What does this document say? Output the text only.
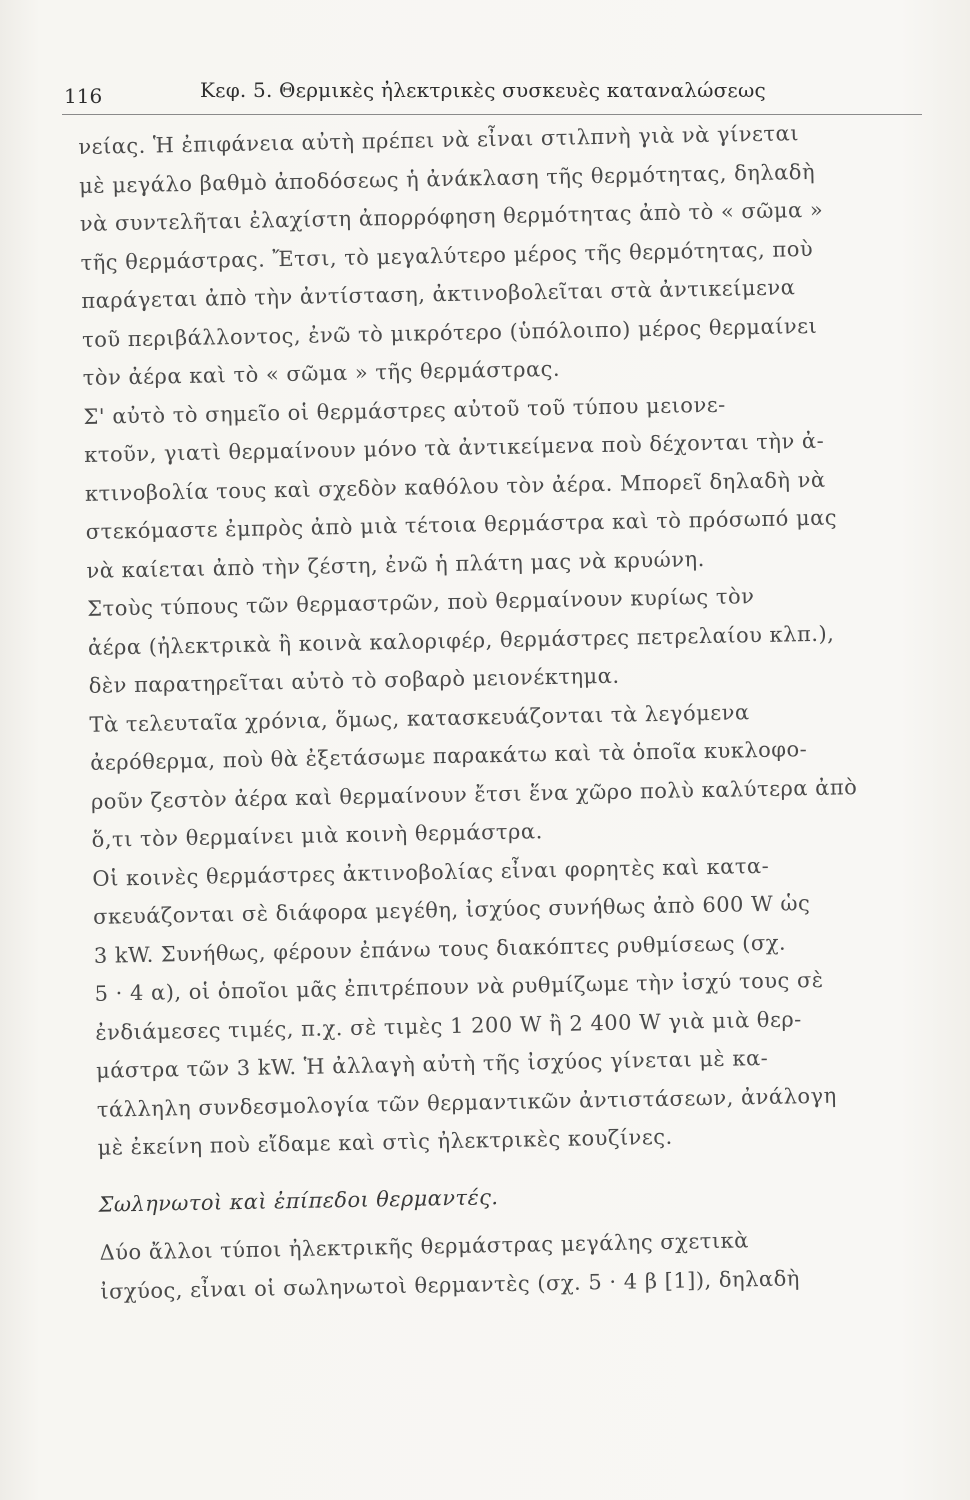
116	Κεφ. 5. Θερμικὲς ἠλεκτρικὲς συσκευὲς καταναλώσεως
νείας. Ἡ ἐπιφάνεια αὐτὴ πρέπει νὰ εἶναι στιλπνὴ γιὰ νὰ γίνεται
μὲ μεγάλο βαθμὸ ἀποδόσεως ἡ ἀνάκλαση τῆς θερμότητας, δηλαδὴ
νὰ συντελῆται ἐλαχίστη ἀπορρόφηση θερμότητας ἀπὸ τὸ « σῶμα »
τῆς θερμάστρας. Ἔτσι, τὸ μεγαλύτερο μέρος τῆς θερμότητας, ποὺ
παράγεται ἀπὸ τὴν ἀντίσταση, ἀκτινοβολεῖται στὰ ἀντικείμενα
τοῦ περιβάλλοντος, ἐνῶ τὸ μικρότερο (ὑπόλοιπο) μέρος θερμαίνει
τὸν ἀέρα καὶ τὸ « σῶμα » τῆς θερμάστρας.
Σ' αὐτὸ τὸ σημεῖο οἱ θερμάστρες αὐτοῦ τοῦ τύπου μειονε-
κτοῦν, γιατὶ θερμαίνουν μόνο τὰ ἀντικείμενα ποὺ δέχονται τὴν ἀ-
κτινοβολία τους καὶ σχεδὸν καθόλου τὸν ἀέρα. Μπορεῖ δηλαδὴ νὰ
στεκόμαστε ἐμπρὸς ἀπὸ μιὰ τέτοια θερμάστρα καὶ τὸ πρόσωπό μας
νὰ καίεται ἀπὸ τὴν ζέστη, ἐνῶ ἡ πλάτη μας νὰ κρυώνη.
Στοὺς τύπους τῶν θερμαστρῶν, ποὺ θερμαίνουν κυρίως τὸν
ἀέρα (ἠλεκτρικὰ ἢ κοινὰ καλοριφέρ, θερμάστρες πετρελαίου κλπ.),
δὲν παρατηρεῖται αὐτὸ τὸ σοβαρὸ μειονέκτημα.
Τὰ τελευταῖα χρόνια, ὅμως, κατασκευάζονται τὰ λεγόμενα
ἀερόθερμα, ποὺ θὰ ἐξετάσωμε παρακάτω καὶ τὰ ὁποῖα κυκλοφο-
ροῦν ζεστὸν ἀέρα καὶ θερμαίνουν ἔτσι ἕνα χῶρο πολὺ καλύτερα ἀπὸ
ὅ,τι τὸν θερμαίνει μιὰ κοινὴ θερμάστρα.
Οἱ κοινὲς θερμάστρες ἀκτινοβολίας εἶναι φορητὲς καὶ κατα-
σκευάζονται σὲ διάφορα μεγέθη, ἰσχύος συνήθως ἀπὸ 600 W ὡς
3 kW. Συνήθως, φέρουν ἐπάνω τους διακόπτες ρυθμίσεως (σχ.
5 · 4 α), οἱ ὁποῖοι μᾶς ἐπιτρέπουν νὰ ρυθμίζωμε τὴν ἰσχύ τους σὲ
ἐνδιάμεσες τιμές, π.χ. σὲ τιμὲς 1 200 W ἢ 2 400 W γιὰ μιὰ θερ-
μάστρα τῶν 3 kW. Ἡ ἀλλαγὴ αὐτὴ τῆς ἰσχύος γίνεται μὲ κα-
τάλληλη συνδεσμολογία τῶν θερμαντικῶν ἀντιστάσεων, ἀνάλογη
μὲ ἐκείνη ποὺ εἴδαμε καὶ στὶς ἠλεκτρικὲς κουζίνες.
Σωληνωτοὶ καὶ ἐπίπεδοι θερμαντές.
Δύο ἄλλοι τύποι ἠλεκτρικῆς θερμάστρας μεγάλης σχετικὰ
ἰσχύος, εἶναι οἱ σωληνωτοὶ θερμαντὲς (σχ. 5 · 4 β [1]), δηλαδὴ
